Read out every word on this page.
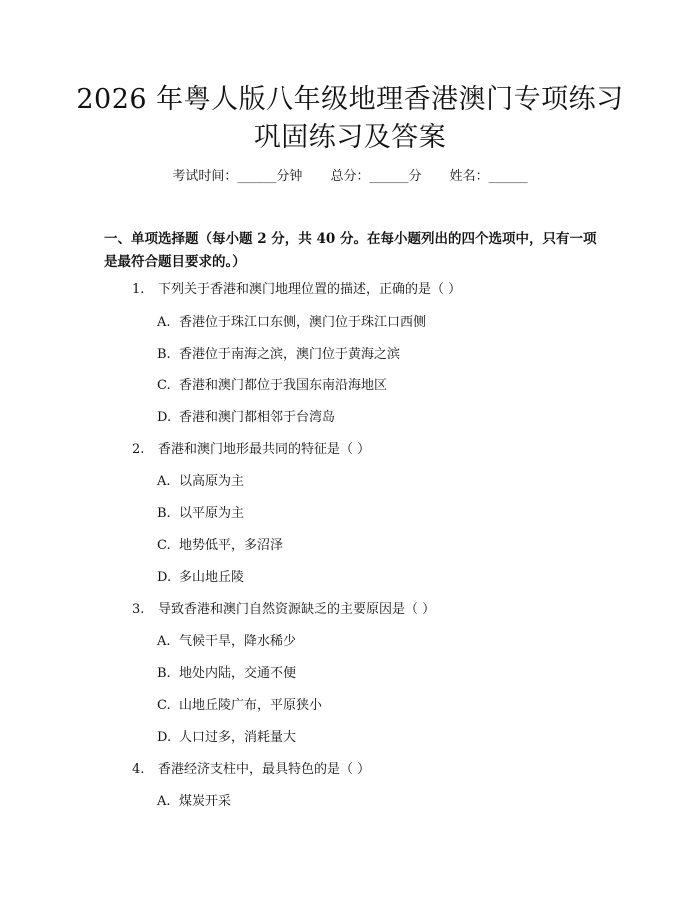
2026 年粤人版八年级地理香港澳门专项练习
巩固练习及答案
考试时间：______分钟 总分：______分 姓名：______
一、单项选择题（每小题 2 分，共 40 分。在每小题列出的四个选项中，只有一项是最符合题目要求的。）
1. 下列关于香港和澳门地理位置的描述，正确的是（ ）
A. 香港位于珠江口东侧，澳门位于珠江口西侧
B. 香港位于南海之滨，澳门位于黄海之滨
C. 香港和澳门都位于我国东南沿海地区
D. 香港和澳门都相邻于台湾岛
2. 香港和澳门地形最共同的特征是（ ）
A. 以高原为主
B. 以平原为主
C. 地势低平，多沼泽
D. 多山地丘陵
3. 导致香港和澳门自然资源缺乏的主要原因是（ ）
A. 气候干旱，降水稀少
B. 地处内陆，交通不便
C. 山地丘陵广布，平原狭小
D. 人口过多，消耗量大
4. 香港经济支柱中，最具特色的是（ ）
A. 煤炭开采
